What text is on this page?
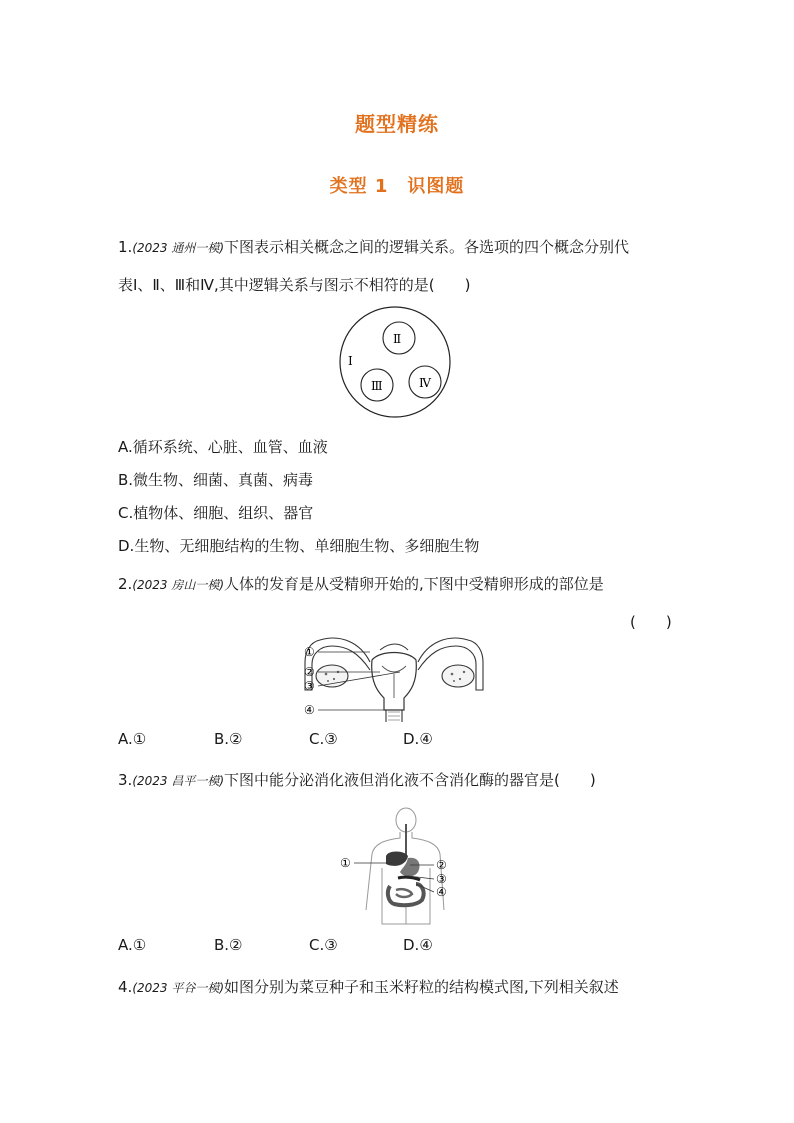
题型精练
类型 1　识图题
1.(2023 通州一模)下图表示相关概念之间的逻辑关系。各选项的四个概念分别代
表Ⅰ、Ⅱ、Ⅲ和Ⅳ,其中逻辑关系与图示不相符的是(　　)
Ⅰ
Ⅱ
Ⅲ	Ⅳ
A.循环系统、心脏、血管、血液
B.微生物、细菌、真菌、病毒
C.植物体、细胞、组织、器官
D.生物、无细胞结构的生物、单细胞生物、多细胞生物
2.(2023 房山一模)人体的发育是从受精卵开始的,下图中受精卵形成的部位是
(　　)
①
②
③
④
A.①	B.②	C.③	D.④
3.(2023 昌平一模)下图中能分泌消化液但消化液不含消化酶的器官是(　　)
①	②
③
④
A.①	B.②	C.③	D.④
4.(2023 平谷一模)如图分别为菜豆种子和玉米籽粒的结构模式图,下列相关叙述
